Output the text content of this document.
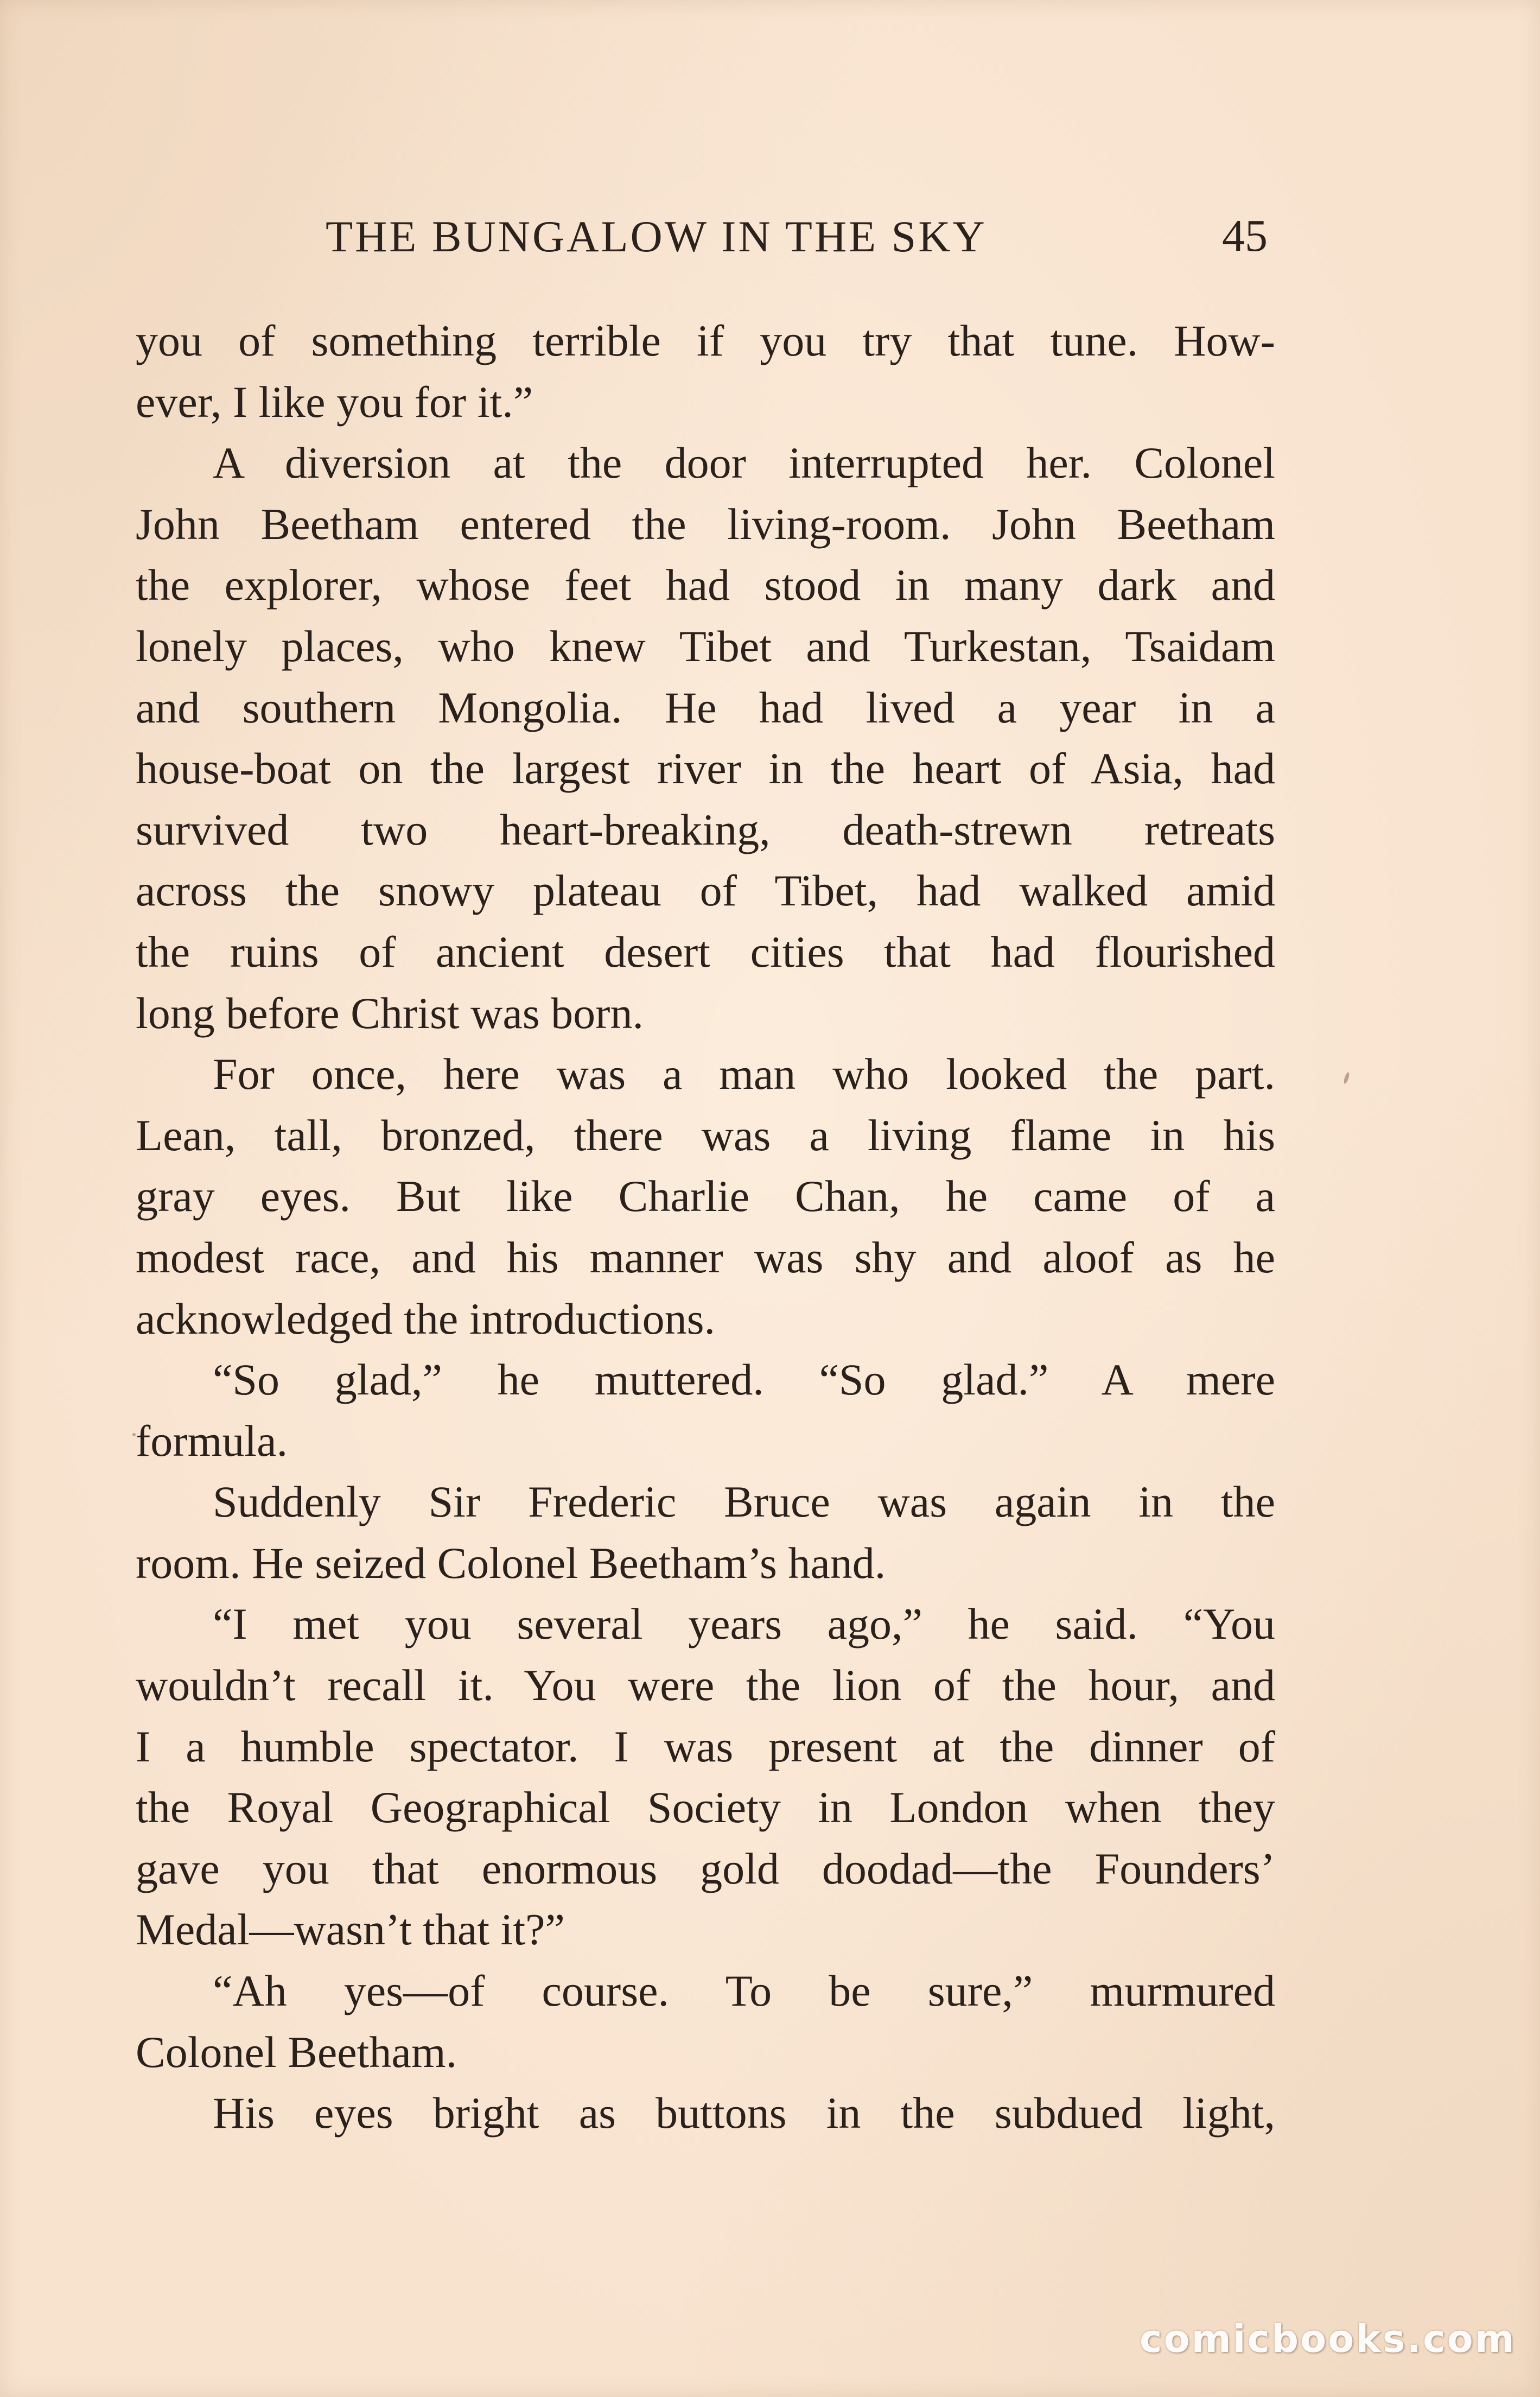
THE BUNGALOW IN THE SKY	45
you of something terrible if you try that tune. How-
ever, I like you for it.”
A diversion at the door interrupted her. Colonel
John Beetham entered the living-room. John Beetham
the explorer, whose feet had stood in many dark and
lonely places, who knew Tibet and Turkestan, Tsaidam
and southern Mongolia. He had lived a year in a
house-boat on the largest river in the heart of Asia, had
survived two heart-breaking, death-strewn retreats
across the snowy plateau of Tibet, had walked amid
the ruins of ancient desert cities that had flourished
long before Christ was born.
For once, here was a man who looked the part.
Lean, tall, bronzed, there was a living flame in his
gray eyes. But like Charlie Chan, he came of a
modest race, and his manner was shy and aloof as he
acknowledged the introductions.
“So glad,” he muttered. “So glad.” A mere
formula.
Suddenly Sir Frederic Bruce was again in the
room. He seized Colonel Beetham’s hand.
“I met you several years ago,” he said. “You
wouldn’t recall it. You were the lion of the hour, and
I a humble spectator. I was present at the dinner of
the Royal Geographical Society in London when they
gave you that enormous gold doodad—the Founders’
Medal—wasn’t that it?”
“Ah yes—of course. To be sure,” murmured
Colonel Beetham.
His eyes bright as buttons in the subdued light,
comicbooks.com
